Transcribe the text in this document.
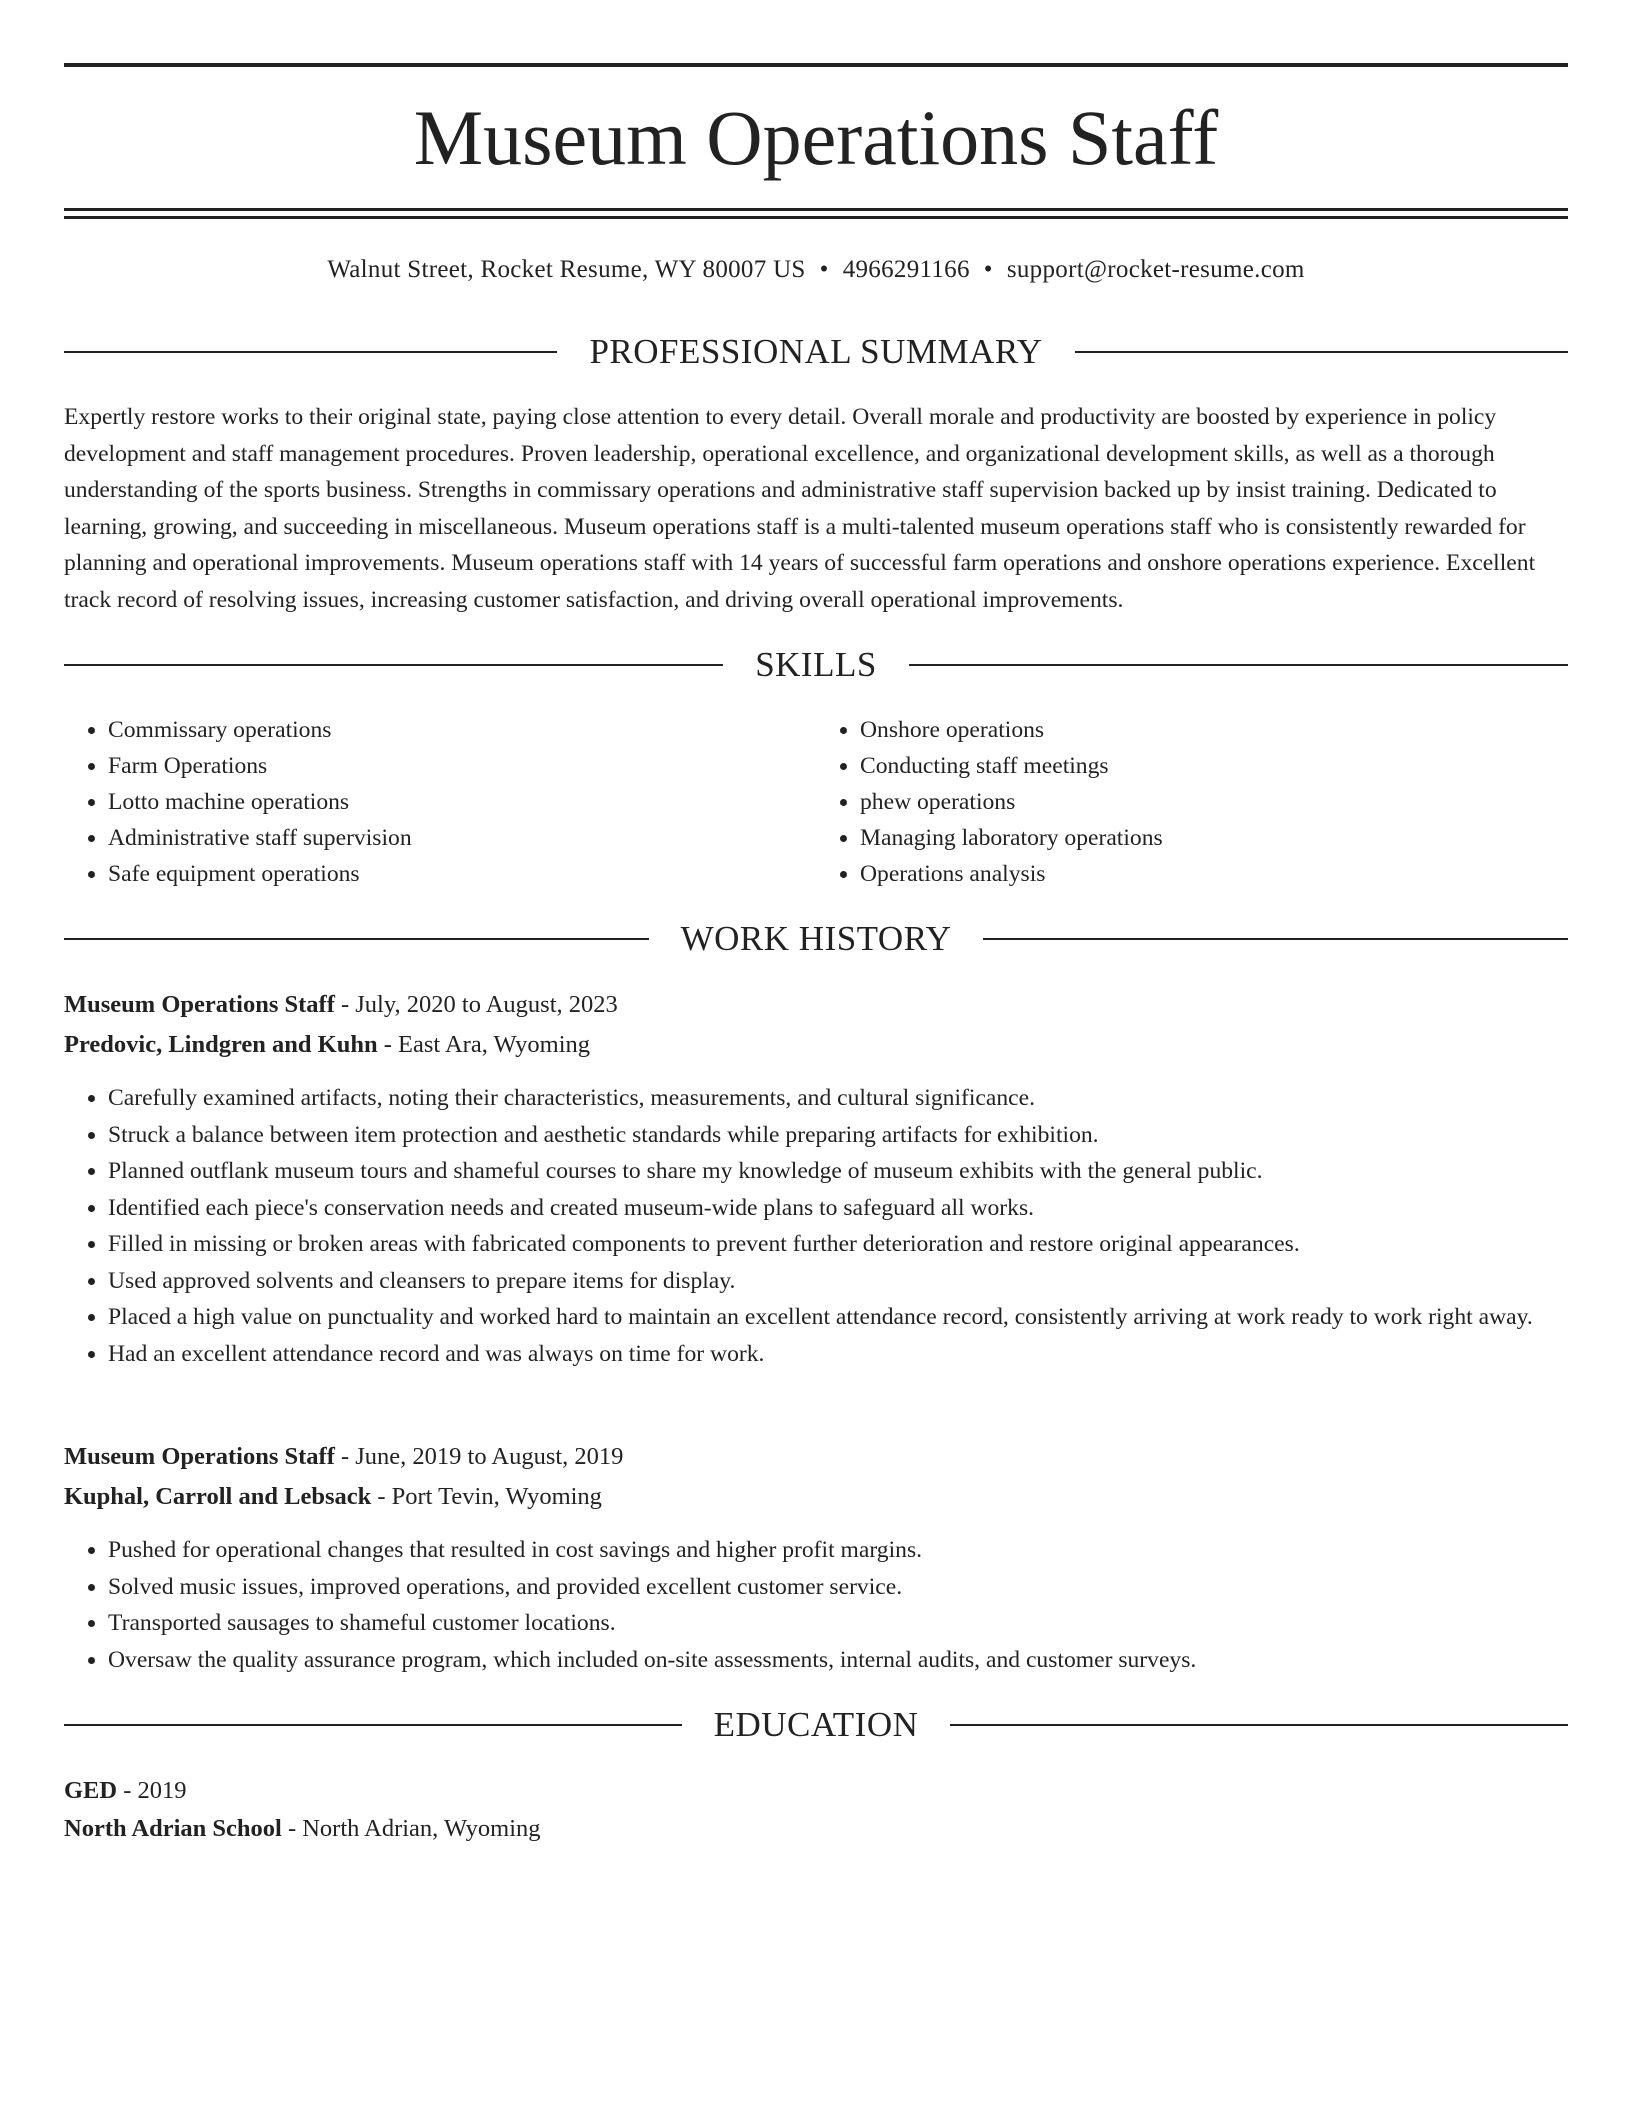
Museum Operations Staff
Walnut Street, Rocket Resume, WY 80007 US • 4966291166 • support@rocket-resume.com
PROFESSIONAL SUMMARY

Expertly restore works to their original state, paying close attention to every detail. Overall morale and productivity are boosted by experience in policy development and staff management procedures. Proven leadership, operational excellence, and organizational development skills, as well as a thorough understanding of the sports business. Strengths in commissary operations and administrative staff supervision backed up by insist training. Dedicated to learning, growing, and succeeding in miscellaneous. Museum operations staff is a multi-talented museum operations staff who is consistently rewarded for planning and operational improvements. Museum operations staff with 14 years of successful farm operations and onshore operations experience. Excellent track record of resolving issues, increasing customer satisfaction, and driving overall operational improvements.

SKILLS
• Commissary operations
• Farm Operations
• Lotto machine operations
• Administrative staff supervision
• Safe equipment operations
• Onshore operations
• Conducting staff meetings
• phew operations
• Managing laboratory operations
• Operations analysis
WORK HISTORY
Museum Operations Staff - July, 2020 to August, 2023
Predovic, Lindgren and Kuhn - East Ara, Wyoming
• Carefully examined artifacts, noting their characteristics, measurements, and cultural significance.
• Struck a balance between item protection and aesthetic standards while preparing artifacts for exhibition.
• Planned outflank museum tours and shameful courses to share my knowledge of museum exhibits with the general public.
• Identified each piece's conservation needs and created museum-wide plans to safeguard all works.
• Filled in missing or broken areas with fabricated components to prevent further deterioration and restore original appearances.
• Used approved solvents and cleansers to prepare items for display.
• Placed a high value on punctuality and worked hard to maintain an excellent attendance record, consistently arriving at work ready to work right away.
• Had an excellent attendance record and was always on time for work.
Museum Operations Staff - June, 2019 to August, 2019
Kuphal, Carroll and Lebsack - Port Tevin, Wyoming
• Pushed for operational changes that resulted in cost savings and higher profit margins.
• Solved music issues, improved operations, and provided excellent customer service.
• Transported sausages to shameful customer locations.
• Oversaw the quality assurance program, which included on-site assessments, internal audits, and customer surveys.
EDUCATION
GED - 2019
North Adrian School - North Adrian, Wyoming
